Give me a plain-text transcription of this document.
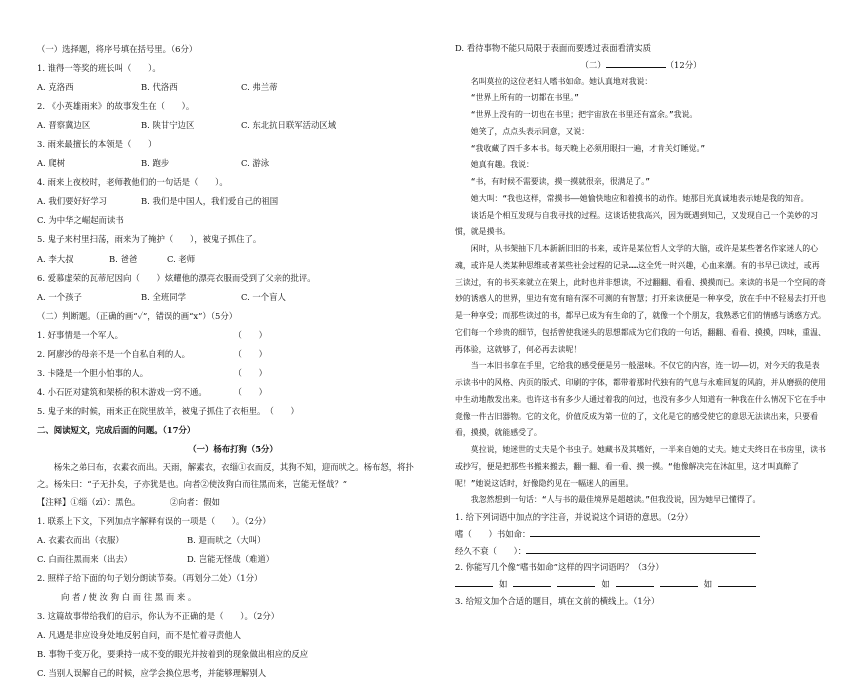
（一）选择题，将序号填在括号里。（6分）
1. 谁得一等奖的班长叫（　　）。
A. 克洛西	B. 代洛西	C. 弗兰蒂
2. 《小英雄雨来》的故事发生在（　　）。
A. 晋察冀边区	B. 陕甘宁边区	C. 东北抗日联军活动区域
3. 雨来最擅长的本领是（　　）
A. 爬树	B. 跑步	C. 游泳
4. 雨来上夜校时，老师教他们的一句话是（　　）。
A. 我们要好好学习	B. 我们是中国人，我们爱自己的祖国
C. 为中华之崛起而读书
5. 鬼子来村里扫荡，雨来为了掩护（　　），被鬼子抓住了。
A. 李大叔	B. 爸爸	C. 老师
6. 爱慕虚荣的瓦蒂尼因向（　　）炫耀他的漂亮衣服而受到了父亲的批评。
A. 一个孩子	B. 全班同学	C. 一个盲人
（二）判断题。（正确的画“✓”，错误的画“x”）（5分）
1. 好事情是一个军人。	（　　）
2. 阿廖沙的母亲不是一个自私自利的人。	（　　）
3. 卡隆是一个胆小怕事的人。	（　　）
4. 小石匠对建筑和架桥的积木游戏一窍不通。	（　　）
5. 鬼子来的时候，雨来正在院里放羊，被鬼子抓住了衣柜里。 （　　）
二、阅读短文，完成后面的问题。（17分）
（一）杨布打狗（5分）
杨朱之弟曰布，衣素衣而出。天雨，解素衣，衣缁①衣而反，其狗不知，迎而吠之。杨布怒，将扑之。杨朱曰：“子无扑矣，子亦犹是也。向者②使汝狗白而往黑而来，岂能无怪哉？”
【注释】①缁（zī）：黑色。　　　　②向者：假如
1. 联系上下文，下列加点字解释有误的一项是（　　）。（2分）
A. 衣素衣而出（衣服）	B. 迎而吠之（大叫）
C. 白而往黑而来（出去）	D. 岂能无怪哉（难道）
2. 照样子给下面的句子划分朗读节奏。（再划分二处）（1分）
向 者 / 使 汝 狗 白 而 往 黑 而 来 。
3. 这篇故事带给我们的启示，你认为不正确的是（　　）。（2分）
A. 凡遇是非应设身处地反躬自问，而不是忙着寻责他人
B. 事物千变万化，要秉持一成不变的眼光并按着到的现象做出相应的反应
C. 当别人误解自己的时候，应学会换位思考，并能够理解别人
D. 看待事物不能只局限于表面而要透过表面看清实质
（二）	（12分）
名叫莫拉的这位老妇人嗜书如命。她认真地对我说：
“世界上所有的一切都在书里。”
“世界上没有的一切也在书里；把宇宙放在书里还有富余。”我说。
她笑了，点点头表示同意，又说：
“我收藏了四千多本书。每天晚上必须用眼扫一遍，才肯关灯睡觉。”
她真有趣。我说：
“书，有时候不需要读，摸一摸就很亲，很满足了。”
她大叫：“我也这样，常摸书——她愉快地应和着摸书的动作。她那目光真诚地表示她是我的知音。
谈话是个相互发现与自我寻找的过程。这谈话使我高兴，因为既遇到知己，又发现自己一个美妙的习惯，就是摸书。
闲时，从书架抽下几本新新旧旧的书来，或许是某位哲人文学的大脑，或许是某些著名作家迷人的心魂，或许是人类某种思维或者某些社会过程的记录……这全凭一时兴趣，心血来潮。有的书早已读过，或再三读过，有的书买来就立在架上，此时也并非想读，不过翻翻、看看、摸摸而已。来读的书是一个空间的奇妙的诱惑人的世界，里边有宽有暗有深不可测的有智慧；打开来读便是一种享受，放在手中不轻易去打开也是一种享受；而那些读过的书，都早已成为有生命的了，就像一个个朋友，我熟悉它们的情感与诱惑方式。它们每一个珍贵的细节，包括曾使我迷头的思想都成为它们我的一句话，翻翻、看看、摸摸，四味，重温、再体验，这就够了，何必再去读呢！
当一本旧书拿在手里，它给我的感受便是另一般滋味。不仅它的内容，连一切——切，对今天的我是表示读书中的风格、内页的版式、印刷的字体，都带着那时代独有的气息与永难回复的风韵，并从磨损的使用中生动地散发出来。也许这书有多少人通过着我的问过，也没有多少人知道有一种我在什么情况下它在手中竟像一件古旧器物。它的文化，价值反成为第一位的了，文化是它的感受使它的意思无法读出来，只要看看，摸摸，就能感受了。
莫拉说，她迷世的丈夫是个书虫子。她藏书及其嗜好，一半来自她的丈夫。她丈夫终日在书房里，读书或抄写，便是把那些书搬来搬去，翻一翻、看一看、摸一摸。“他像解决完在沐缸里，这才叫真醉了呢！”她说这话时，好像隐约见在一幅迷人的画里。
我忽然想到一句话：“人与书的最佳境界是超越读。”但我没说，因为她早已懂得了。
1. 给下列词语中加点的字注音，并说说这个词语的意思。（2分）
嗜（　　）书如命：
经久不衰（　　）：
2. 你能写几个像“嗜书如命”这样的四字词语吗？（3分）
如	如	如
3. 给短文加个合适的题目，填在文前的横线上。（1分）
